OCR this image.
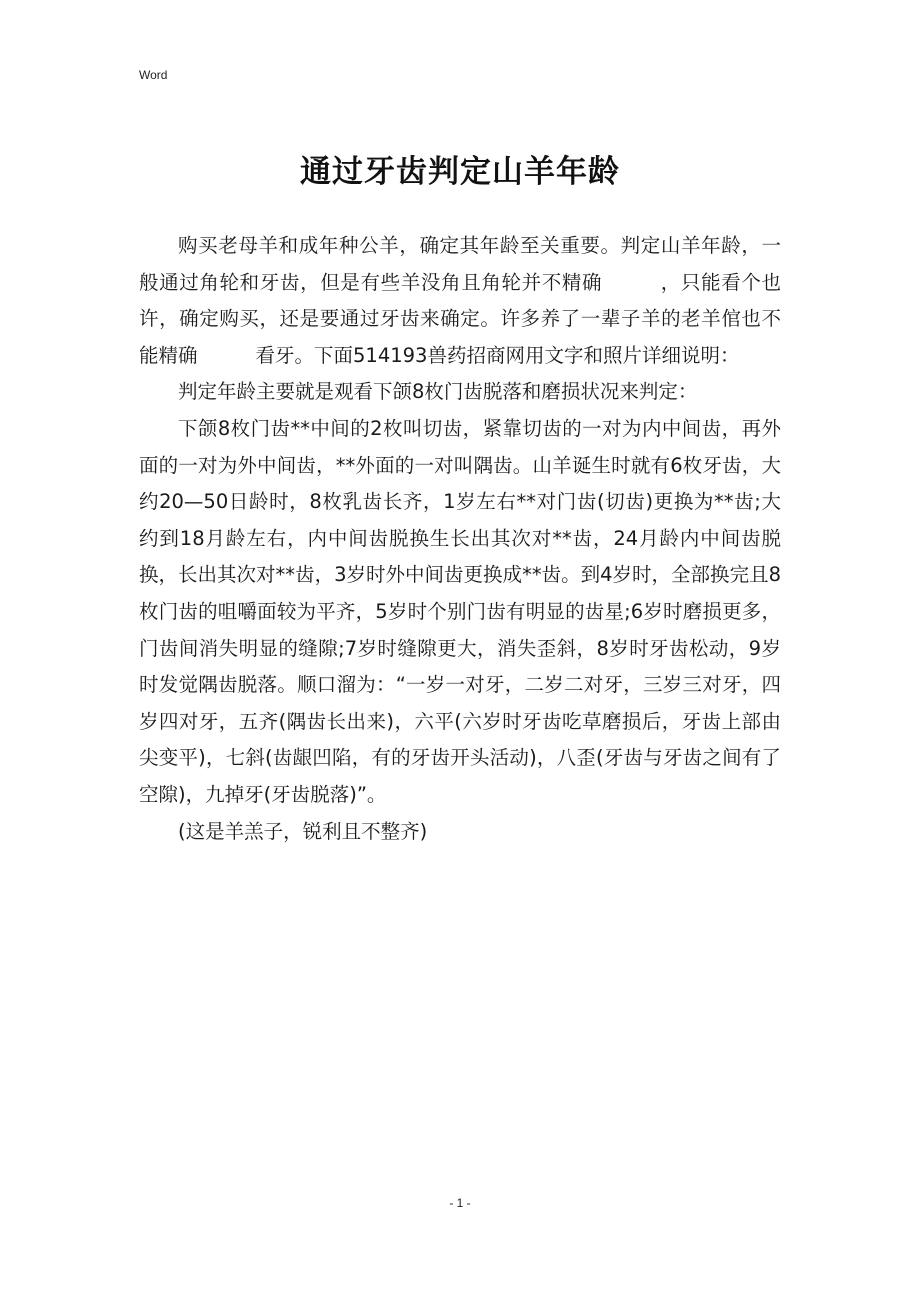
Word
通过牙齿判定山羊年龄

购买老母羊和成年种公羊，确定其年龄至关重要。判定山羊年龄，一般通过角轮和牙齿，但是有些羊没角且角轮并不精确	，只能看个也许，确定购买，还是要通过牙齿来确定。许多养了一辈子羊的老羊倌也不能精确	看牙。下面514193兽药招商网用文字和照片详细说明：

判定年龄主要就是观看下颌8枚门齿脱落和磨损状况来判定：

下颌8枚门齿**中间的2枚叫切齿，紧靠切齿的一对为内中间齿，再外面的一对为外中间齿，**外面的一对叫隅齿。山羊诞生时就有6枚牙齿，大约20—50日龄时，8枚乳齿长齐，1岁左右**对门齿(切齿)更换为**齿;大约到18月龄左右，内中间齿脱换生长出其次对**齿，24月龄内中间齿脱换，长出其次对**齿，3岁时外中间齿更换成**齿。到4岁时，全部换完且8枚门齿的咀嚼面较为平齐，5岁时个别门齿有明显的齿星;6岁时磨损更多，门齿间消失明显的缝隙;7岁时缝隙更大，消失歪斜，8岁时牙齿松动，9岁时发觉隅齿脱落。顺口溜为：“一岁一对牙，二岁二对牙，三岁三对牙，四岁四对牙，五齐(隅齿长出来)，六平(六岁时牙齿吃草磨损后，牙齿上部由尖变平)，七斜(齿龈凹陷，有的牙齿开头活动)，八歪(牙齿与牙齿之间有了空隙)，九掉牙(牙齿脱落)”。

(这是羊羔子，锐利且不整齐)

- 1 -
